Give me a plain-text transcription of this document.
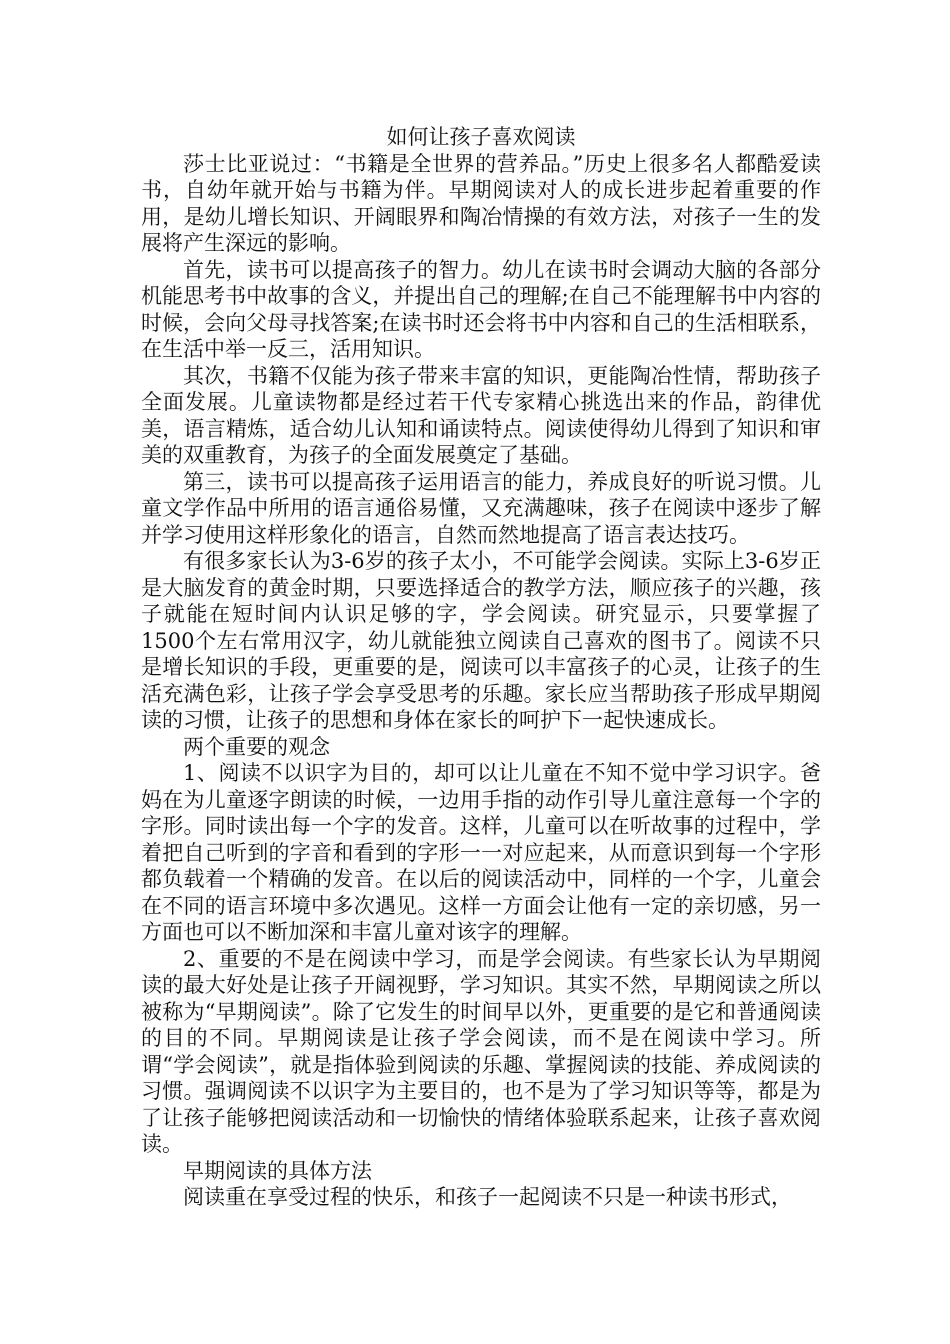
如何让孩子喜欢阅读

莎士比亚说过：“书籍是全世界的营养品。”历史上很多名人都酷爱读书，自幼年就开始与书籍为伴。早期阅读对人的成长进步起着重要的作用，是幼儿增长知识、开阔眼界和陶冶情操的有效方法，对孩子一生的发展将产生深远的影响。

首先，读书可以提高孩子的智力。幼儿在读书时会调动大脑的各部分机能思考书中故事的含义，并提出自己的理解;在自己不能理解书中内容的时候，会向父母寻找答案;在读书时还会将书中内容和自己的生活相联系，在生活中举一反三，活用知识。

其次，书籍不仅能为孩子带来丰富的知识，更能陶冶性情，帮助孩子全面发展。儿童读物都是经过若干代专家精心挑选出来的作品，韵律优美，语言精炼，适合幼儿认知和诵读特点。阅读使得幼儿得到了知识和审美的双重教育，为孩子的全面发展奠定了基础。

第三，读书可以提高孩子运用语言的能力，养成良好的听说习惯。儿童文学作品中所用的语言通俗易懂，又充满趣味，孩子在阅读中逐步了解并学习使用这样形象化的语言，自然而然地提高了语言表达技巧。

有很多家长认为3-6岁的孩子太小，不可能学会阅读。实际上3-6岁正是大脑发育的黄金时期，只要选择适合的教学方法，顺应孩子的兴趣，孩子就能在短时间内认识足够的字，学会阅读。研究显示，只要掌握了1500个左右常用汉字，幼儿就能独立阅读自己喜欢的图书了。阅读不只是增长知识的手段，更重要的是，阅读可以丰富孩子的心灵，让孩子的生活充满色彩，让孩子学会享受思考的乐趣。家长应当帮助孩子形成早期阅读的习惯，让孩子的思想和身体在家长的呵护下一起快速成长。

两个重要的观念

1、阅读不以识字为目的，却可以让儿童在不知不觉中学习识字。爸妈在为儿童逐字朗读的时候，一边用手指的动作引导儿童注意每一个字的字形。同时读出每一个字的发音。这样，儿童可以在听故事的过程中，学着把自己听到的字音和看到的字形一一对应起来，从而意识到每一个字形都负载着一个精确的发音。在以后的阅读活动中，同样的一个字，儿童会在不同的语言环境中多次遇见。这样一方面会让他有一定的亲切感，另一方面也可以不断加深和丰富儿童对该字的理解。

2、重要的不是在阅读中学习，而是学会阅读。有些家长认为早期阅读的最大好处是让孩子开阔视野，学习知识。其实不然，早期阅读之所以被称为“早期阅读”。除了它发生的时间早以外，更重要的是它和普通阅读的目的不同。早期阅读是让孩子学会阅读，而不是在阅读中学习。所谓“学会阅读”，就是指体验到阅读的乐趣、掌握阅读的技能、养成阅读的习惯。强调阅读不以识字为主要目的，也不是为了学习知识等等，都是为了让孩子能够把阅读活动和一切愉快的情绪体验联系起来，让孩子喜欢阅读。

早期阅读的具体方法

阅读重在享受过程的快乐，和孩子一起阅读不只是一种读书形式，
